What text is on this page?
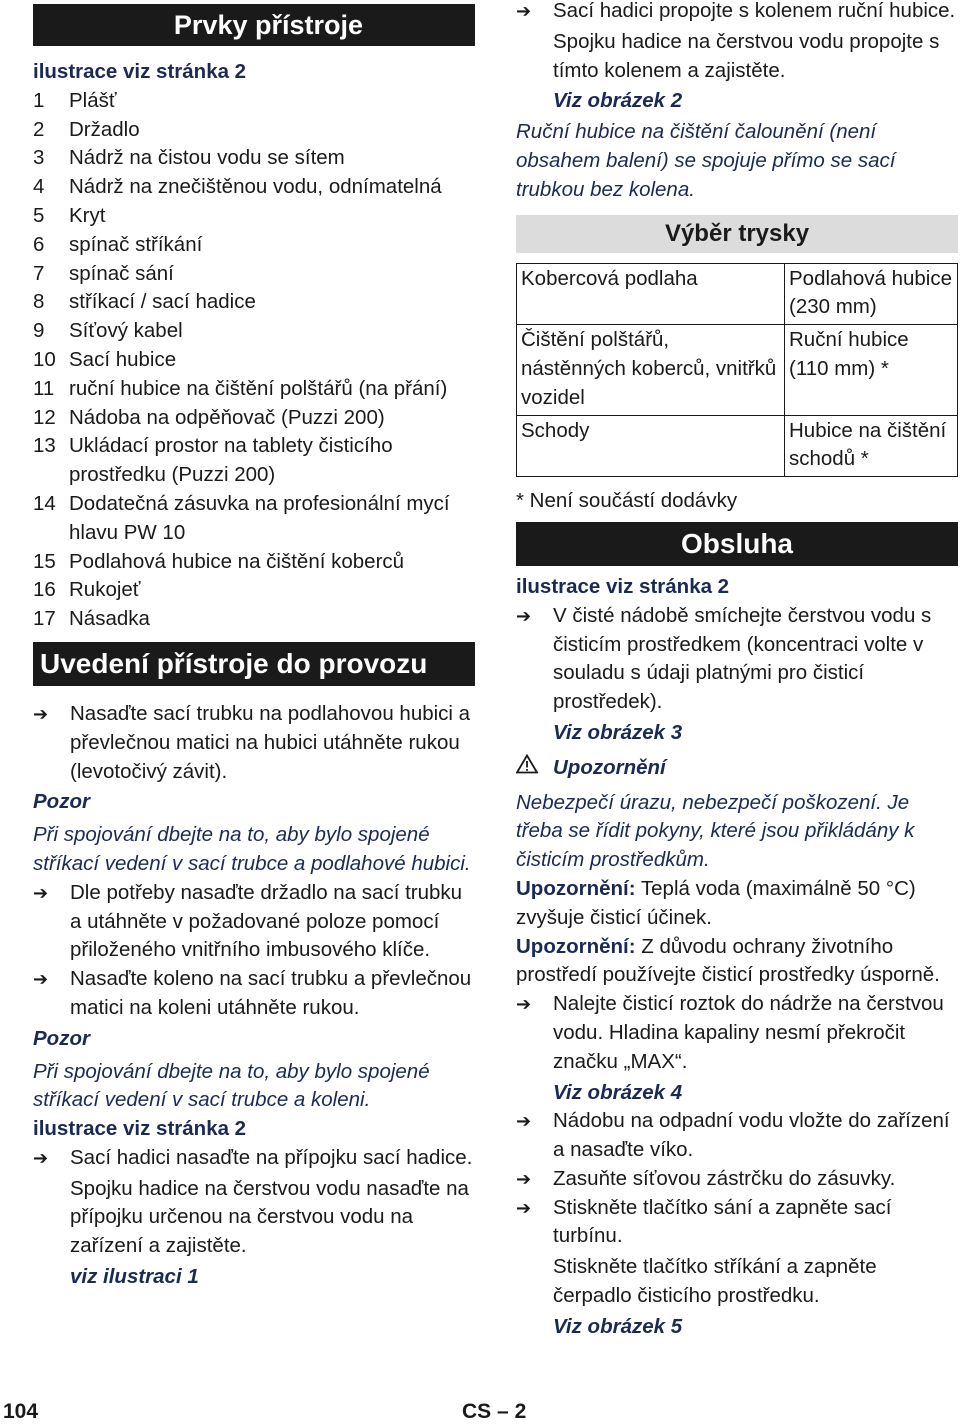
Prvky přístroje
ilustrace viz stránka 2
1	Plášť
2	Držadlo
3	Nádrž na čistou vodu se sítem
4	Nádrž na znečištěnou vodu, odnímatelná
5	Kryt
6	spínač stříkání
7	spínač sání
8	stříkací / sací hadice
9	Síťový kabel
10 Sací hubice
11 ruční hubice na čištění polštářů (na přání)
12 Nádoba na odpěňovač (Puzzi 200)
13 Ukládací prostor na tablety čisticího prostředku (Puzzi 200)
14 Dodatečná zásuvka na profesionální mycí hlavu PW 10
15 Podlahová hubice na čištění koberců
16 Rukojeť
17 Násadka
Uvedení přístroje do provozu
➔	Nasaďte sací trubku na podlahovou hubici a převlečnou matici na hubici utáhněte rukou (levotočivý závit).
Pozor
Při spojování dbejte na to, aby bylo spojené stříkací vedení v sací trubce a podlahové hubici.
➔	Dle potřeby nasaďte držadlo na sací trubku a utáhněte v požadované poloze pomocí přiloženého vnitřního imbusového klíče.
➔	Nasaďte koleno na sací trubku a převlečnou matici na koleni utáhněte rukou.
Pozor
Při spojování dbejte na to, aby bylo spojené stříkací vedení v sací trubce a koleni.
ilustrace viz stránka 2
➔	Sací hadici nasaďte na přípojku sací hadice.
Spojku hadice na čerstvou vodu nasaďte na přípojku určenou na čerstvou vodu na zařízení a zajistěte.
viz ilustraci 1
➔	Sací hadici propojte s kolenem ruční hubice.
Spojku hadice na čerstvou vodu propojte s tímto kolenem a zajistěte.
Viz obrázek 2
Ruční hubice na čištění čalounění (není obsahem balení) se spojuje přímo se sací trubkou bez kolena.
Výběr trysky
Kobercová podlaha	Podlahová hubice (230 mm)
Čištění polštářů, nástěnných koberců, vnitřků vozidel	Ruční hubice (110 mm) *
Schody	Hubice na čištění schodů *
* Není součástí dodávky
Obsluha
ilustrace viz stránka 2
➔	V čisté nádobě smíchejte čerstvou vodu s čisticím prostředkem (koncentraci volte v souladu s údaji platnými pro čisticí prostředek).
Viz obrázek 3
Upozornění
Nebezpečí úrazu, nebezpečí poškození. Je třeba se řídit pokyny, které jsou přikládány k čisticím prostředkům.
Upozornění: Teplá voda (maximálně 50 °C) zvyšuje čisticí účinek.
Upozornění: Z důvodu ochrany životního prostředí používejte čisticí prostředky úsporně.
➔	Nalejte čisticí roztok do nádrže na čerstvou vodu. Hladina kapaliny nesmí překročit značku „MAX“.
Viz obrázek 4
➔	Nádobu na odpadní vodu vložte do zařízení a nasaďte víko.
➔	Zasuňte síťovou zástrčku do zásuvky.
➔	Stiskněte tlačítko sání a zapněte sací turbínu.
Stiskněte tlačítko stříkání a zapněte čerpadlo čisticího prostředku.
Viz obrázek 5
104	CS – 2
